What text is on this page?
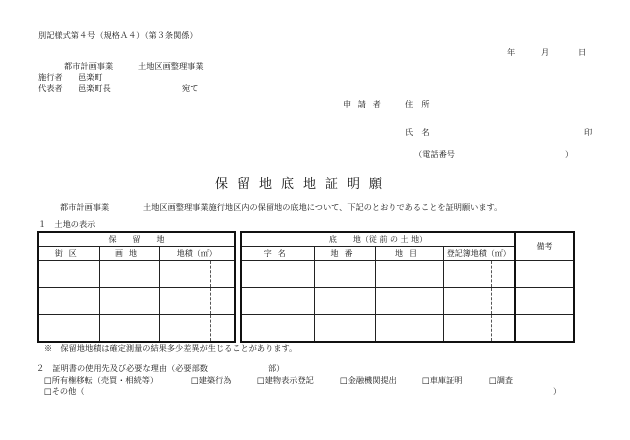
別記様式第４号（規格Ａ４）（第３条関係）
年	月	日
都市計画事業	土地区画整理事業
施行者 邑楽町
代表者 邑楽町長	宛て
申 請 者	住　所
氏　名	印
（電話番号	）
保留地底地証明願
都市計画事業	土地区画整理事業施行地区内の保留地の底地について、下記のとおりであることを証明願います。
１　土地の表示
保　　留　　地					底　　地（従 前 の 土 地）					備考
街区	画地	地積（㎡）			字名	地番	地目	登記簿地積（㎡）		

※　保留地地積は確定測量の結果多少差異が生じることがあります。
２　証明書の使用先及び必要な理由（必要部数	部）
□所有権移転（売買・相続等）	□建築行為	□建物表示登記	□金融機関提出	□車庫証明	□調査
□その他（	）
